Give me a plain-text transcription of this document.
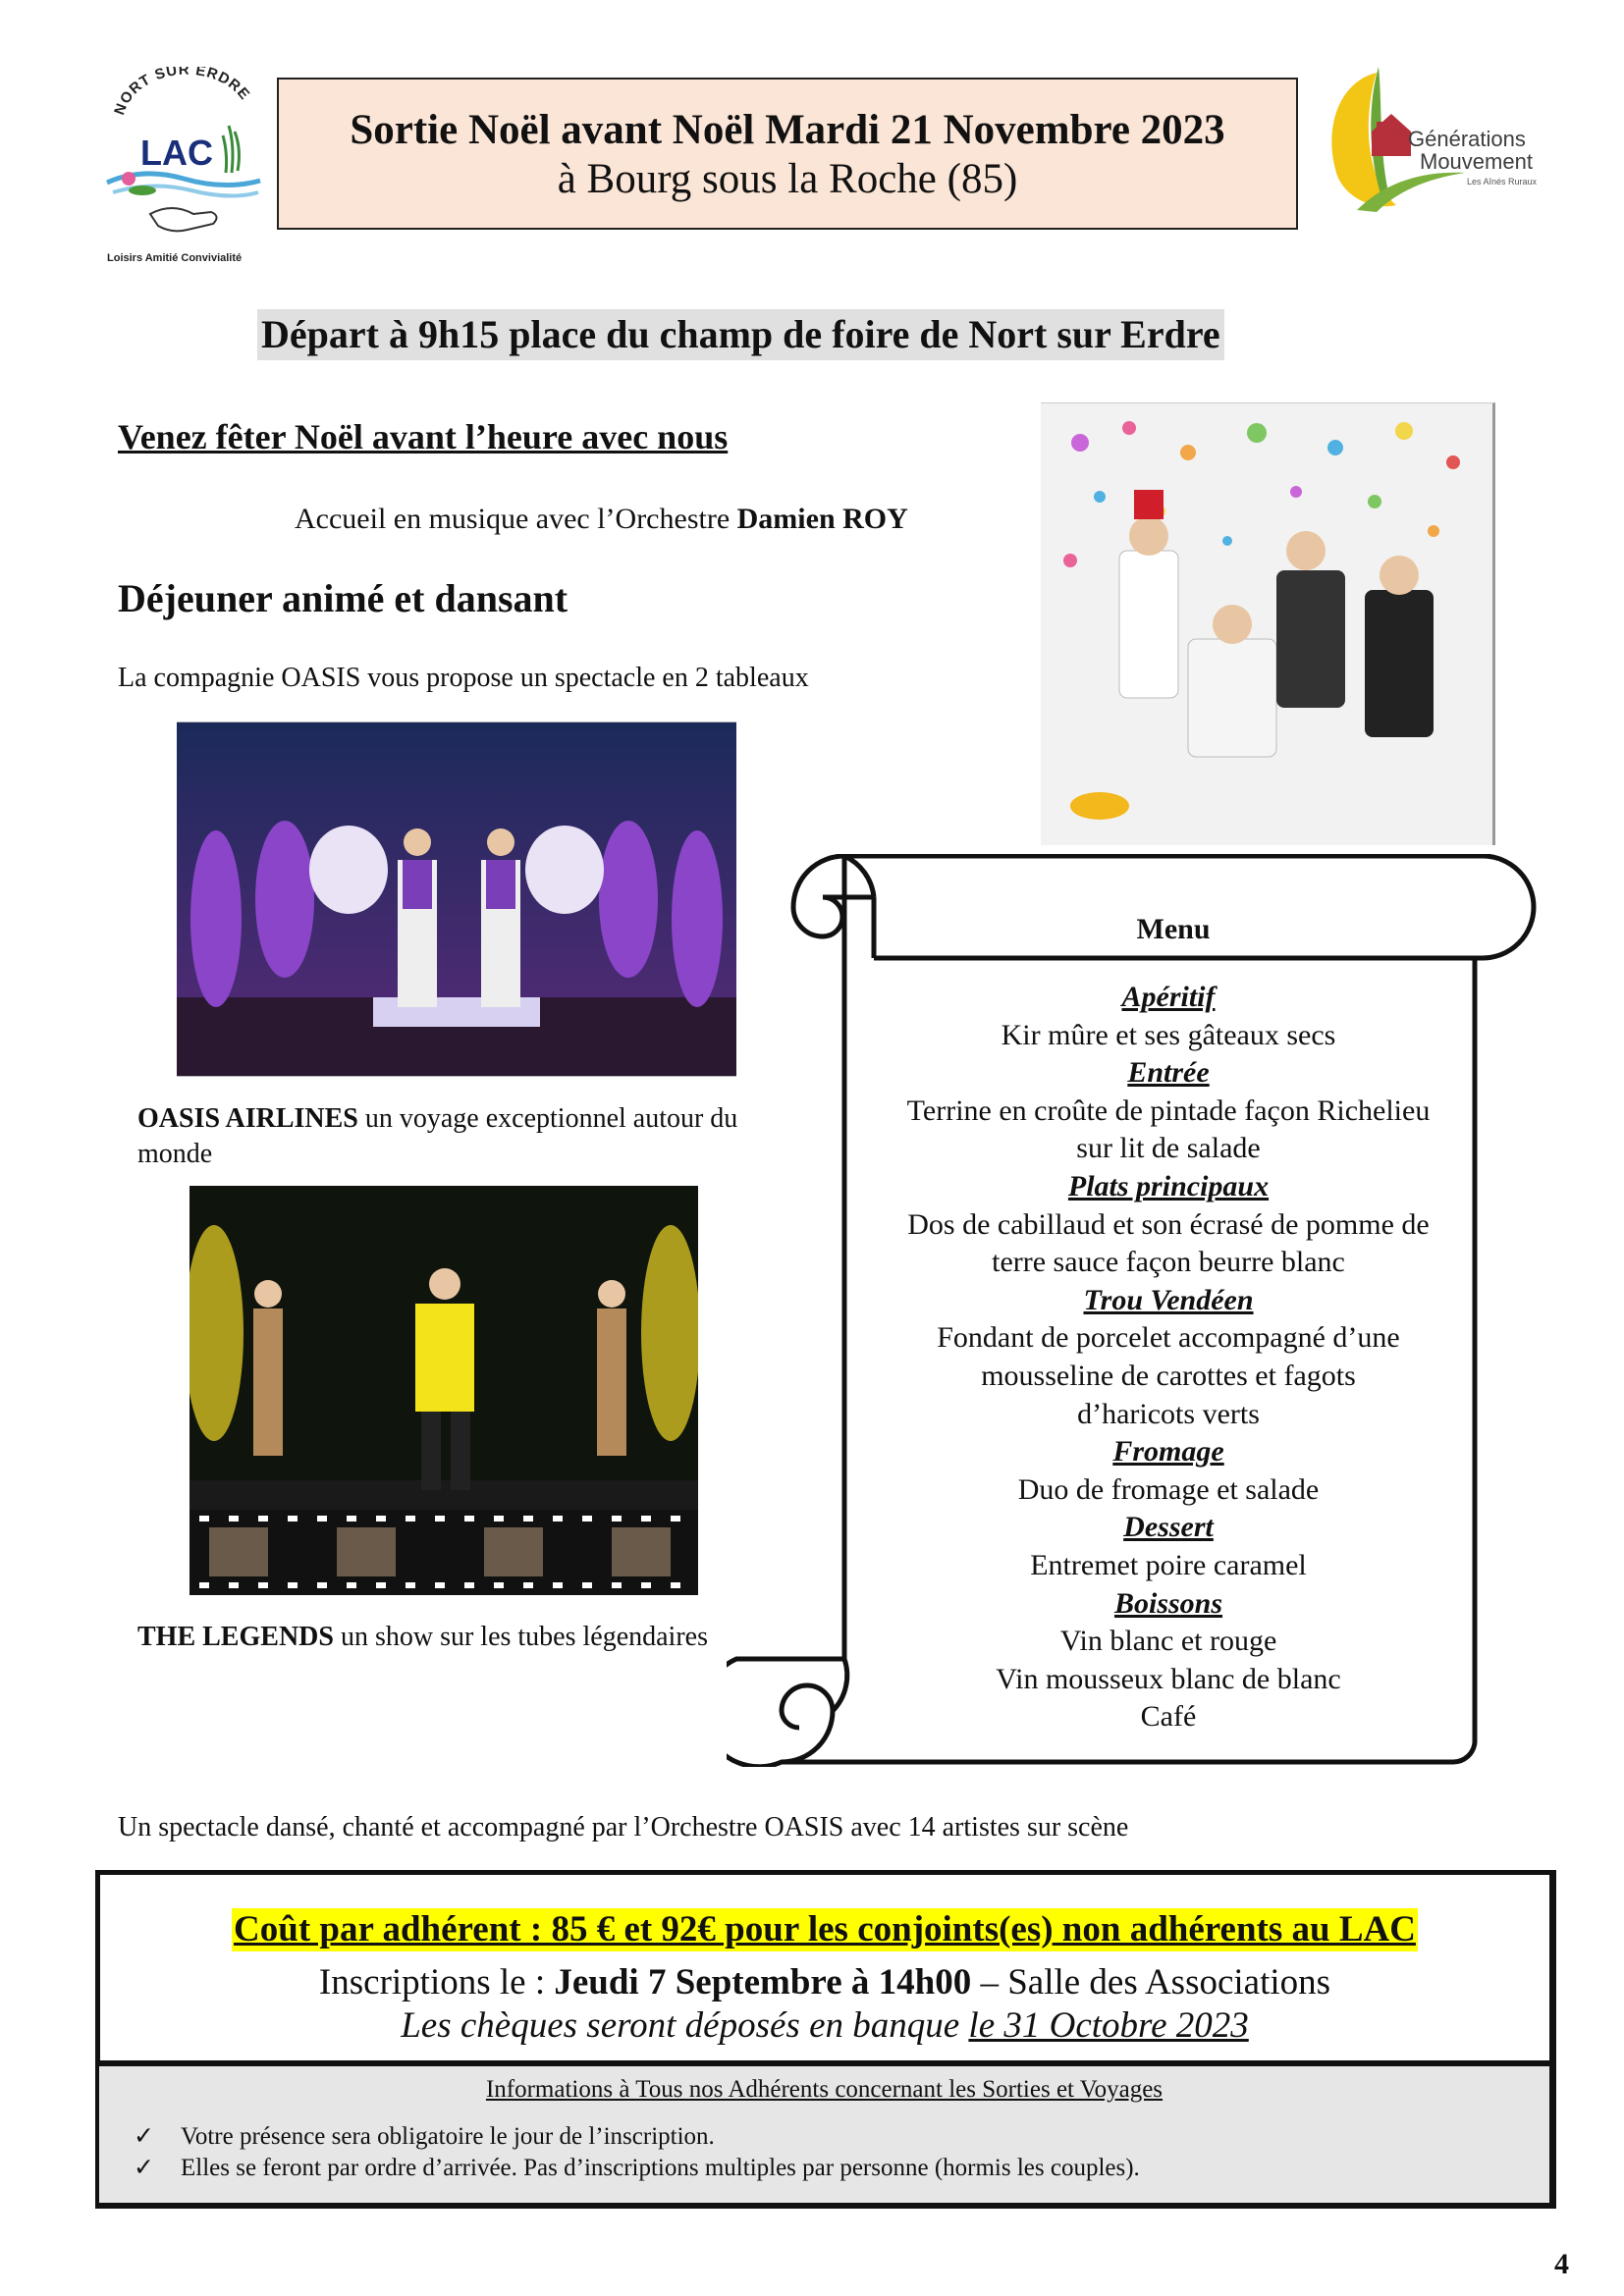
NORT SUR ERDRE
LAC
Loisirs Amitié Convivialité
Sortie Noël avant Noël Mardi 21 Novembre 2023
à Bourg sous la Roche (85)
Générations
Mouvement
Les Aînés Ruraux
Départ à 9h15 place du champ de foire de Nort sur Erdre
Venez fêter Noël avant l’heure avec nous
Accueil en musique avec l’Orchestre Damien ROY
Déjeuner animé et dansant
La compagnie OASIS vous propose un spectacle en 2 tableaux
OASIS AIRLINES un voyage exceptionnel autour du monde
THE LEGENDS un show sur les tubes légendaires
Menu
Apéritif
Kir mûre et ses gâteaux secs
Entrée
Terrine en croûte de pintade façon Richelieu
sur lit de salade
Plats principaux
Dos de cabillaud et son écrasé de pomme de
terre sauce façon beurre blanc
Trou Vendéen
Fondant de porcelet accompagné d’une
mousseline de carottes et fagots
d’haricots verts
Fromage
Duo de fromage et salade
Dessert
Entremet poire caramel
Boissons
Vin blanc et rouge
Vin mousseux blanc de blanc
Café
Un spectacle dansé, chanté et accompagné par l’Orchestre OASIS avec 14 artistes sur scène
Coût par adhérent : 85 € et 92€ pour les conjoints(es) non adhérents au LAC
Inscriptions le : Jeudi 7 Septembre à 14h00 – Salle des Associations
Les chèques seront déposés en banque le 31 Octobre 2023
Informations à Tous nos Adhérents concernant les Sorties et Voyages
✓ Votre présence sera obligatoire le jour de l’inscription.
✓ Elles se feront par ordre d’arrivée. Pas d’inscriptions multiples par personne (hormis les couples).
4
